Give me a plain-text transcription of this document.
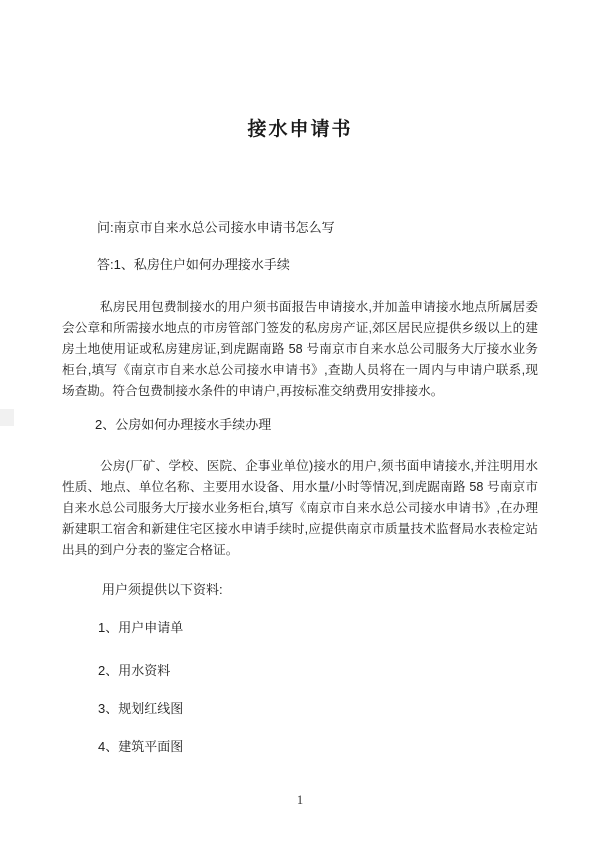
接水申请书
问:南京市自来水总公司接水申请书怎么写
答:1、私房住户如何办理接水手续
私房民用包费制接水的用户须书面报告申请接水,并加盖申请接水地点所属居委会公章和所需接水地点的市房管部门签发的私房房产证,郊区居民应提供乡级以上的建房土地使用证或私房建房证,到虎踞南路 58 号南京市自来水总公司服务大厅接水业务柜台,填写《南京市自来水总公司接水申请书》,查勘人员将在一周内与申请户联系,现场查勘。符合包费制接水条件的申请户,再按标准交纳费用安排接水。
2、公房如何办理接水手续办理
公房(厂矿、学校、医院、企事业单位)接水的用户,须书面申请接水,并注明用水性质、地点、单位名称、主要用水设备、用水量/小时等情况,到虎踞南路 58 号南京市自来水总公司服务大厅接水业务柜台,填写《南京市自来水总公司接水申请书》,在办理新建职工宿舍和新建住宅区接水申请手续时,应提供南京市质量技术监督局水表检定站出具的到户分表的鉴定合格证。
用户须提供以下资料:
1、用户申请单
2、用水资料
3、规划红线图
4、建筑平面图
1
